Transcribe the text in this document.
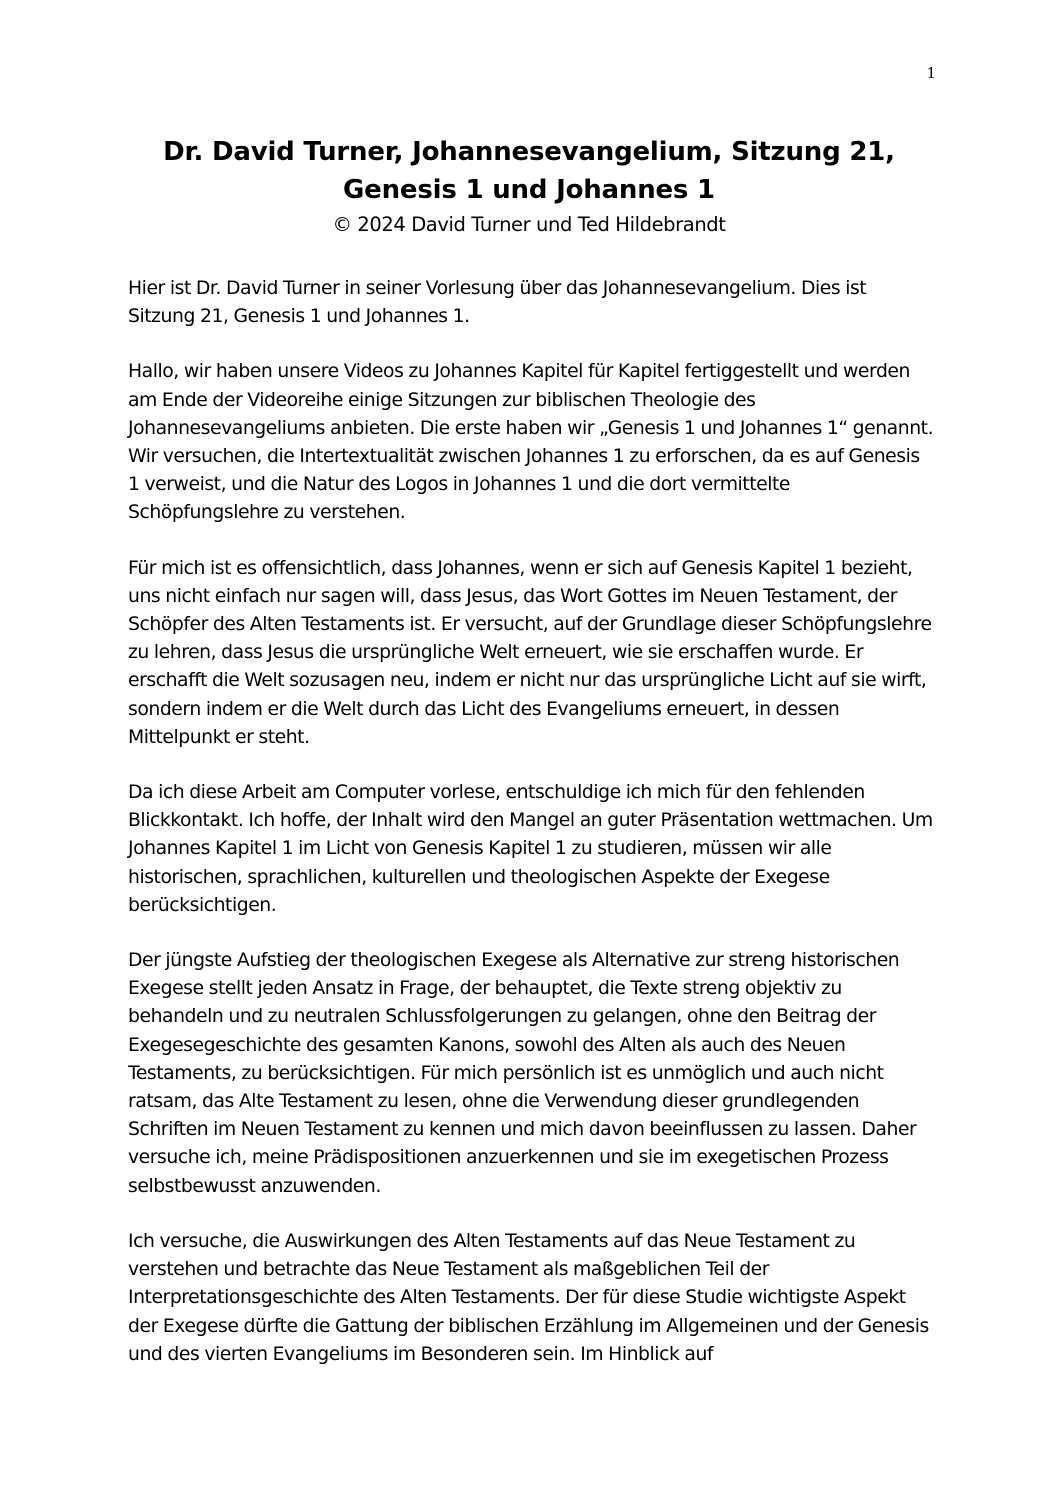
1
Dr. David Turner, Johannesevangelium, Sitzung 21,
Genesis 1 und Johannes 1

© 2024 David Turner und Ted Hildebrandt

Hier ist Dr. David Turner in seiner Vorlesung über das Johannesevangelium. Dies ist Sitzung 21, Genesis 1 und Johannes 1.

Hallo, wir haben unsere Videos zu Johannes Kapitel für Kapitel fertiggestellt und werden am Ende der Videoreihe einige Sitzungen zur biblischen Theologie des Johannesevangeliums anbieten. Die erste haben wir „Genesis 1 und Johannes 1“ genannt. Wir versuchen, die Intertextualität zwischen Johannes 1 zu erforschen, da es auf Genesis 1 verweist, und die Natur des Logos in Johannes 1 und die dort vermittelte Schöpfungslehre zu verstehen.

Für mich ist es offensichtlich, dass Johannes, wenn er sich auf Genesis Kapitel 1 bezieht, uns nicht einfach nur sagen will, dass Jesus, das Wort Gottes im Neuen Testament, der Schöpfer des Alten Testaments ist. Er versucht, auf der Grundlage dieser Schöpfungslehre zu lehren, dass Jesus die ursprüngliche Welt erneuert, wie sie erschaffen wurde. Er erschafft die Welt sozusagen neu, indem er nicht nur das ursprüngliche Licht auf sie wirft, sondern indem er die Welt durch das Licht des Evangeliums erneuert, in dessen Mittelpunkt er steht.

Da ich diese Arbeit am Computer vorlese, entschuldige ich mich für den fehlenden Blickkontakt. Ich hoffe, der Inhalt wird den Mangel an guter Präsentation wettmachen. Um Johannes Kapitel 1 im Licht von Genesis Kapitel 1 zu studieren, müssen wir alle historischen, sprachlichen, kulturellen und theologischen Aspekte der Exegese berücksichtigen.

Der jüngste Aufstieg der theologischen Exegese als Alternative zur streng historischen Exegese stellt jeden Ansatz in Frage, der behauptet, die Texte streng objektiv zu behandeln und zu neutralen Schlussfolgerungen zu gelangen, ohne den Beitrag der Exegesegeschichte des gesamten Kanons, sowohl des Alten als auch des Neuen Testaments, zu berücksichtigen. Für mich persönlich ist es unmöglich und auch nicht ratsam, das Alte Testament zu lesen, ohne die Verwendung dieser grundlegenden Schriften im Neuen Testament zu kennen und mich davon beeinflussen zu lassen. Daher versuche ich, meine Prädispositionen anzuerkennen und sie im exegetischen Prozess selbstbewusst anzuwenden.

Ich versuche, die Auswirkungen des Alten Testaments auf das Neue Testament zu verstehen und betrachte das Neue Testament als maßgeblichen Teil der Interpretationsgeschichte des Alten Testaments. Der für diese Studie wichtigste Aspekt der Exegese dürfte die Gattung der biblischen Erzählung im Allgemeinen und der Genesis und des vierten Evangeliums im Besonderen sein. Im Hinblick auf
